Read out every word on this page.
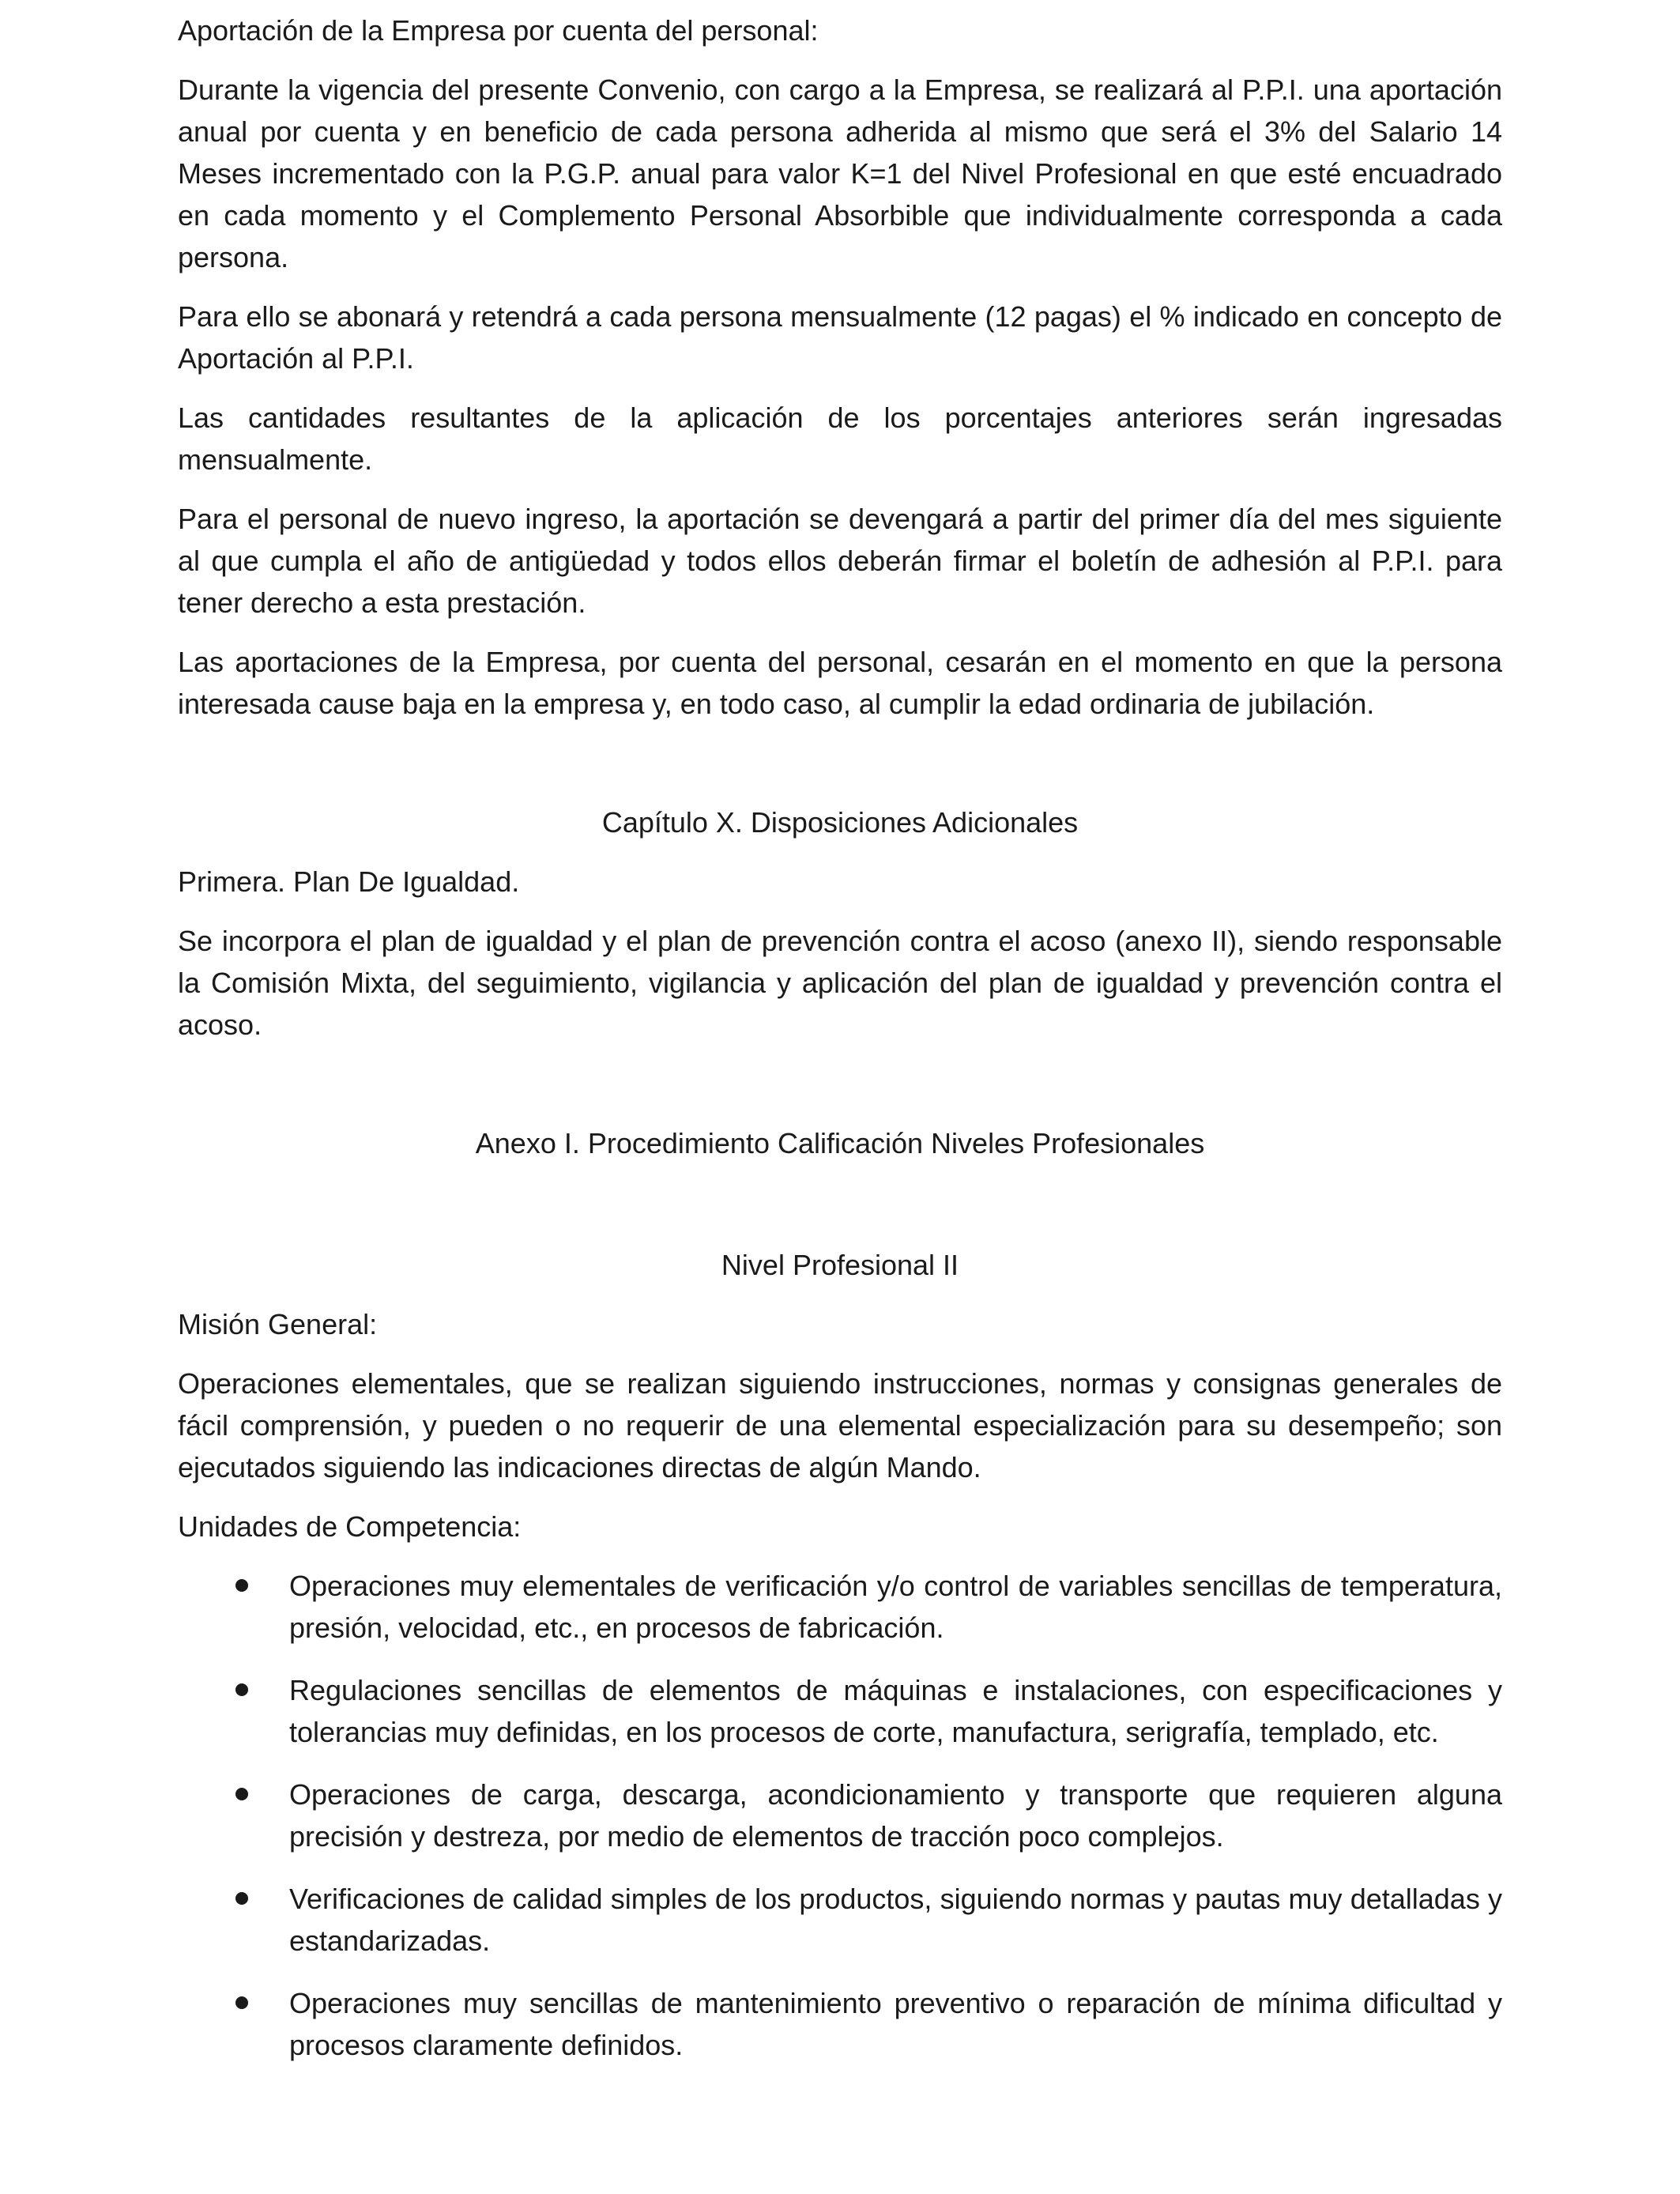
Aportación de la Empresa por cuenta del personal:

Durante la vigencia del presente Convenio, con cargo a la Empresa, se realizará al P.P.I. una aportación anual por cuenta y en beneficio de cada persona adherida al mismo que será el 3% del Salario 14 Meses incrementado con la P.G.P. anual para valor K=1 del Nivel Profesional en que esté encuadrado en cada momento y el Complemento Personal Absorbible que individualmente corresponda a cada persona.

Para ello se abonará y retendrá a cada persona mensualmente (12 pagas) el % indicado en concepto de Aportación al P.P.I.

Las cantidades resultantes de la aplicación de los porcentajes anteriores serán ingresadas mensualmente.

Para el personal de nuevo ingreso, la aportación se devengará a partir del primer día del mes siguiente al que cumpla el año de antigüedad y todos ellos deberán firmar el boletín de adhesión al P.P.I. para tener derecho a esta prestación.

Las aportaciones de la Empresa, por cuenta del personal, cesarán en el momento en que la persona interesada cause baja en la empresa y, en todo caso, al cumplir la edad ordinaria de jubilación.

Capítulo X. Disposiciones Adicionales

Primera. Plan De Igualdad.

Se incorpora el plan de igualdad y el plan de prevención contra el acoso (anexo II), siendo responsable la Comisión Mixta, del seguimiento, vigilancia y aplicación del plan de igualdad y prevención contra el acoso.

Anexo I. Procedimiento Calificación Niveles Profesionales

Nivel Profesional II

Misión General:

Operaciones elementales, que se realizan siguiendo instrucciones, normas y consignas generales de fácil comprensión, y pueden o no requerir de una elemental especialización para su desempeño; son ejecutados siguiendo las indicaciones directas de algún Mando.

Unidades de Competencia:

Operaciones muy elementales de verificación y/o control de variables sencillas de temperatura, presión, velocidad, etc., en procesos de fabricación.
Regulaciones sencillas de elementos de máquinas e instalaciones, con especificaciones y tolerancias muy definidas, en los procesos de corte, manufactura, serigrafía, templado, etc.
Operaciones de carga, descarga, acondicionamiento y transporte que requieren alguna precisión y destreza, por medio de elementos de tracción poco complejos.
Verificaciones de calidad simples de los productos, siguiendo normas y pautas muy detalladas y estandarizadas.
Operaciones muy sencillas de mantenimiento preventivo o reparación de mínima dificultad y procesos claramente definidos.
